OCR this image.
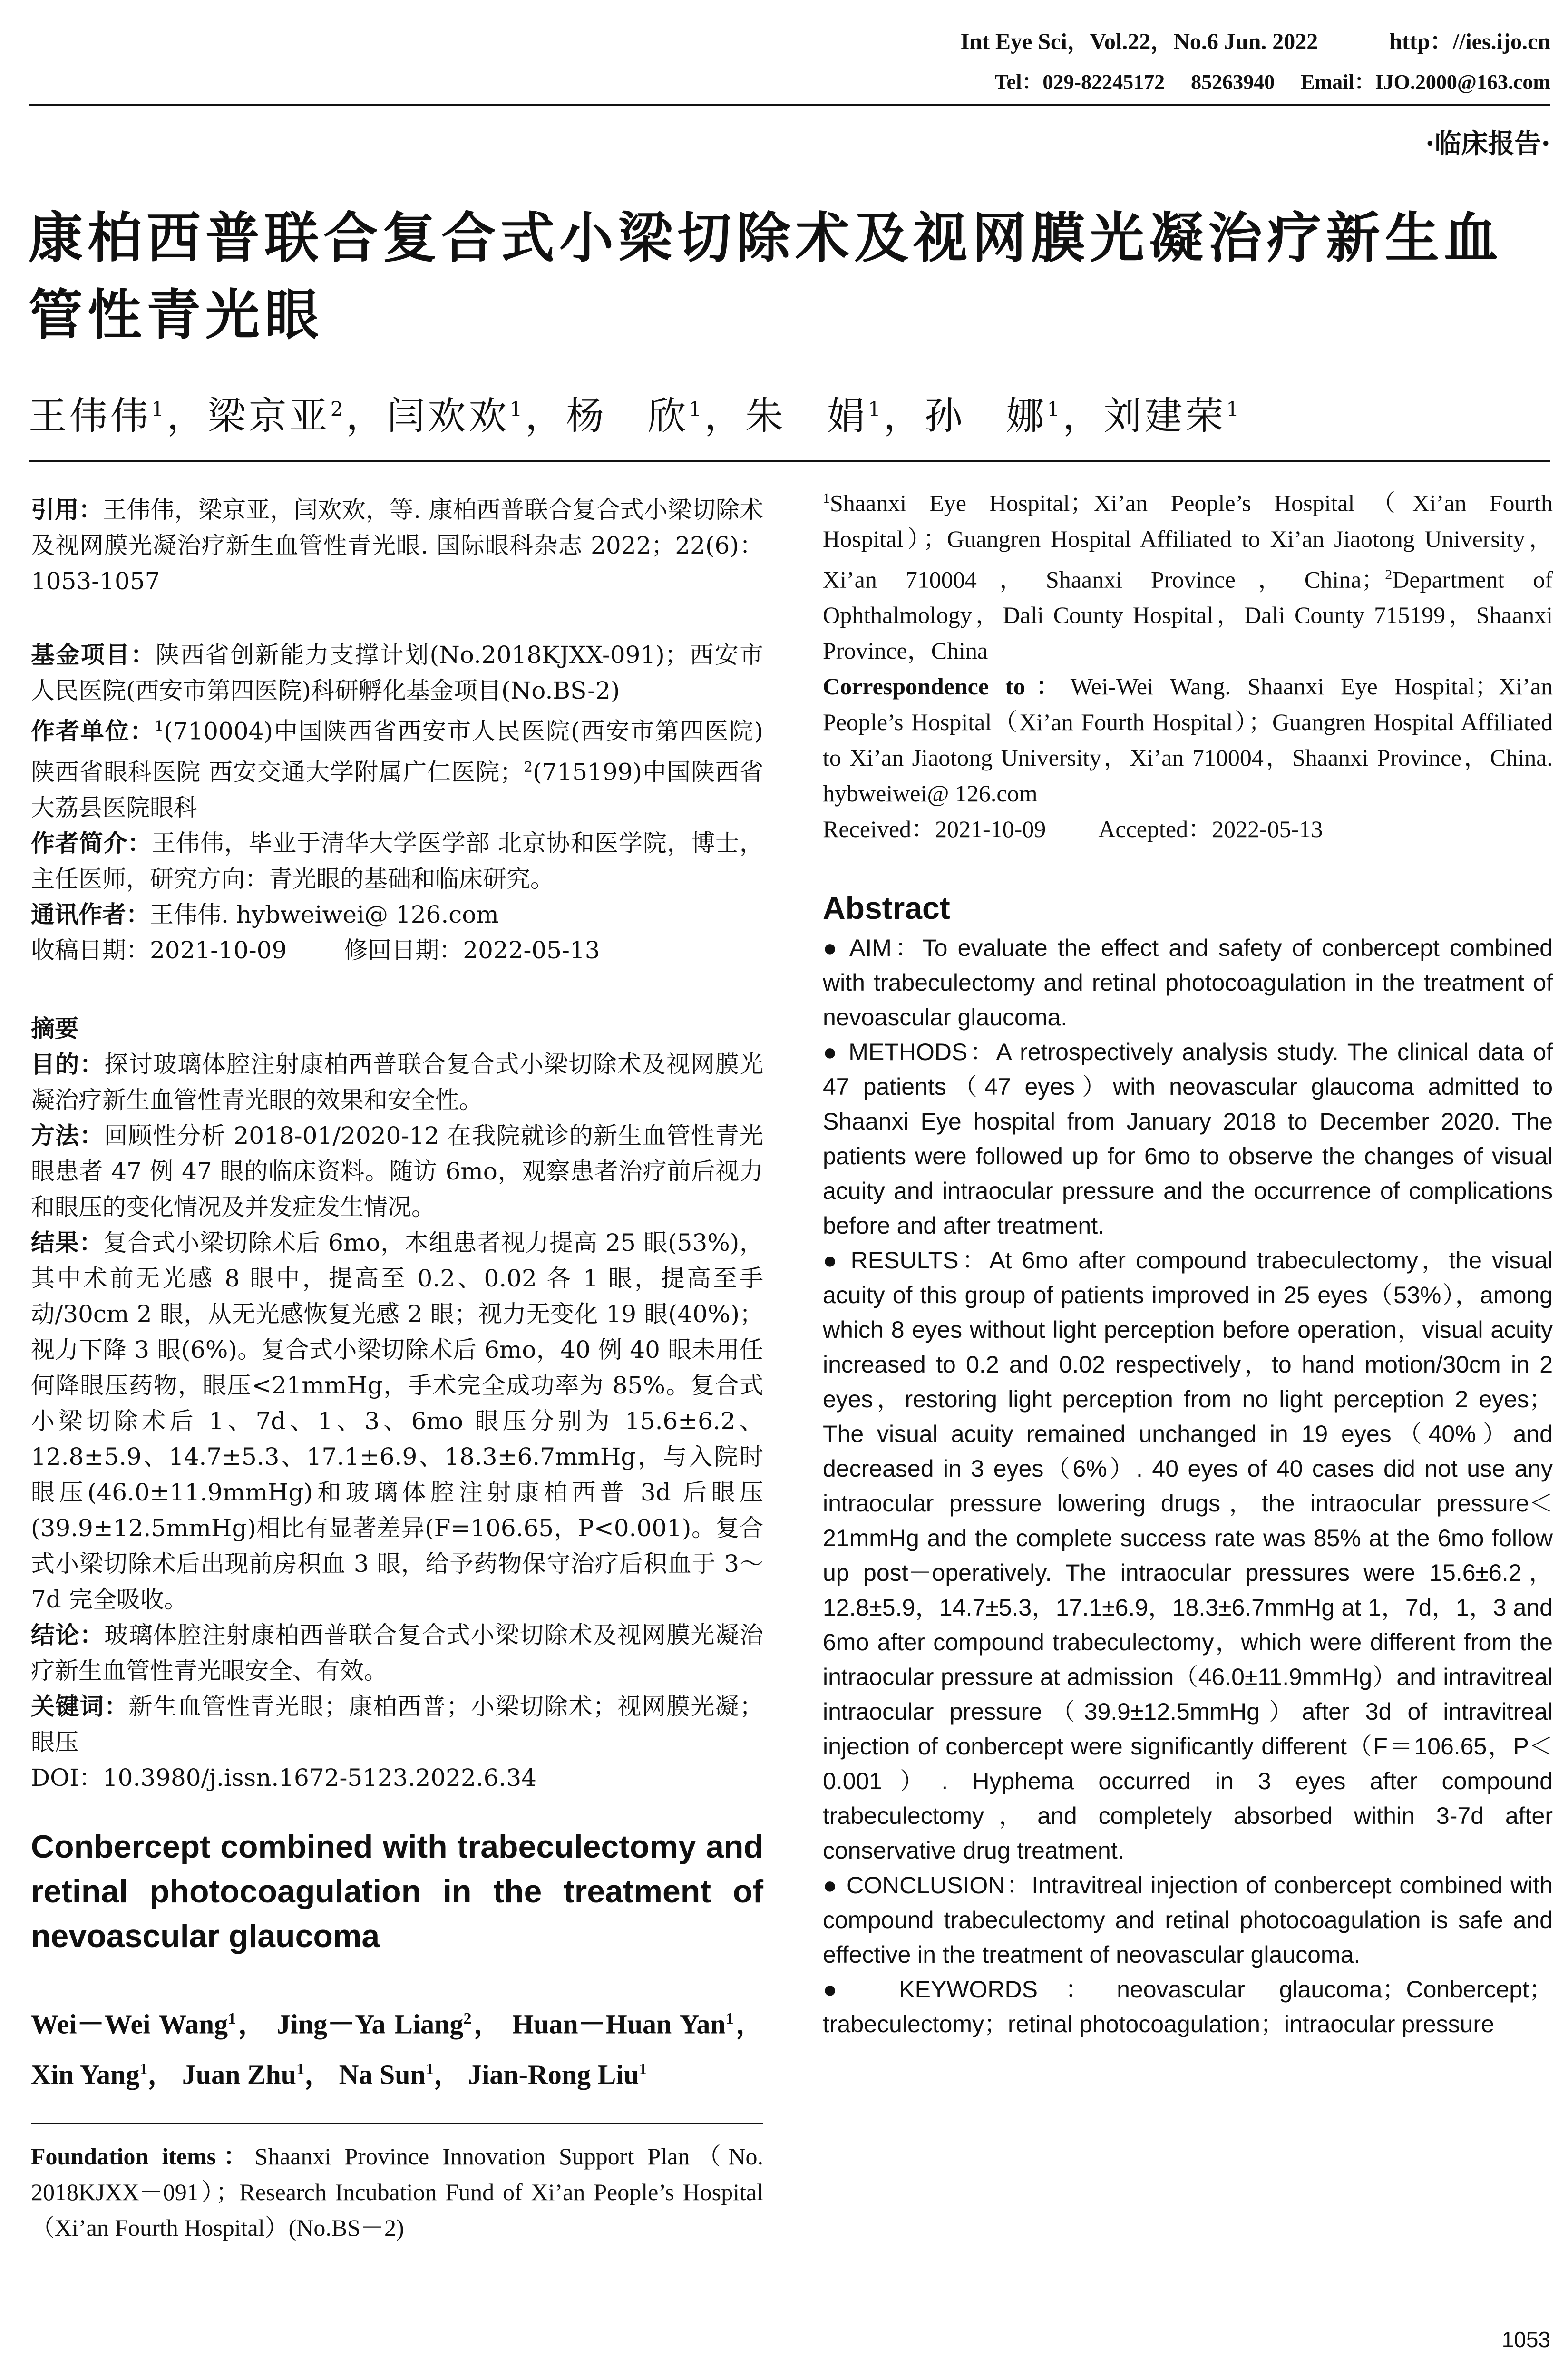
Int Eye Sci，Vol.22，No.6 Jun. 2022	http：//ies.ijo.cn
Tel：029-82245172 85263940 Email：IJO.2000@163.com
·临床报告·
康柏西普联合复合式小梁切除术及视网膜光凝治疗新生血管性青光眼
王伟伟$^1$，梁京亚$^2$，闫欢欢$^1$，杨　欣$^1$，朱　娟$^1$，孙　娜$^1$，刘建荣$^1$

引用：王伟伟，梁京亚，闫欢欢，等. 康柏西普联合复合式小梁切除术及视网膜光凝治疗新生血管性青光眼. 国际眼科杂志 2022；22(6)：1053-1057

基金项目：陕西省创新能力支撑计划(No.2018KJXX-091)；西安市人民医院(西安市第四医院)科研孵化基金项目(No.BS-2)

作者单位：$^1$(710004)中国陕西省西安市人民医院(西安市第四医院) 陕西省眼科医院 西安交通大学附属广仁医院；$^2$(715199)中国陕西省大荔县医院眼科

作者简介：王伟伟，毕业于清华大学医学部 北京协和医学院，博士，主任医师，研究方向：青光眼的基础和临床研究。

通讯作者：王伟伟. hybweiwei@ 126.com

收稿日期：2021-10-09 修回日期：2022-05-13

摘要

目的：探讨玻璃体腔注射康柏西普联合复合式小梁切除术及视网膜光凝治疗新生血管性青光眼的效果和安全性。

方法：回顾性分析 2018-01/2020-12 在我院就诊的新生血管性青光眼患者 47 例 47 眼的临床资料。随访 6mo，观察患者治疗前后视力和眼压的变化情况及并发症发生情况。

结果：复合式小梁切除术后 6mo，本组患者视力提高 25 眼(53%)，其中术前无光感 8 眼中，提高至 0.2、0.02 各 1 眼，提高至手动/30cm 2 眼，从无光感恢复光感 2 眼；视力无变化 19 眼(40%)；视力下降 3 眼(6%)。复合式小梁切除术后 6mo，40 例 40 眼未用任何降眼压药物，眼压<21mmHg，手术完全成功率为 85%。复合式小梁切除术后 1、7d、1、3、6mo 眼压分别为 15.6±6.2、12.8±5.9、14.7±5.3、17.1±6.9、18.3±6.7mmHg，与入院时眼压(46.0±11.9mmHg)和玻璃体腔注射康柏西普 3d 后眼压(39.9±12.5mmHg)相比有显著差异(F=106.65，P<0.001)。复合式小梁切除术后出现前房积血 3 眼，给予药物保守治疗后积血于 3～7d 完全吸收。

结论：玻璃体腔注射康柏西普联合复合式小梁切除术及视网膜光凝治疗新生血管性青光眼安全、有效。

关键词：新生血管性青光眼；康柏西普；小梁切除术；视网膜光凝；眼压

DOI：10.3980/j.issn.1672-5123.2022.6.34

Conbercept combined with trabeculectomy and retinal photocoagulation in the treatment of nevoascular glaucoma

Wei－Wei Wang$^1$， Jing－Ya Liang$^2$， Huan－Huan Yan$^1$， Xin Yang$^1$， Juan Zhu$^1$， Na Sun$^1$， Jian-Rong Liu$^1$

Foundation items：Shaanxi Province Innovation Support Plan（No. 2018KJXX－091）；Research Incubation Fund of Xi’an People’s Hospital（Xi’an Fourth Hospital）(No.BS－2)

$^1$Shaanxi Eye Hospital；Xi’an People’s Hospital（Xi’an Fourth Hospital）；Guangren Hospital Affiliated to Xi’an Jiaotong University，Xi’an 710004，Shaanxi Province，China；$^2$Department of Ophthalmology，Dali County Hospital，Dali County 715199，Shaanxi Province，China

Correspondence to：Wei-Wei Wang. Shaanxi Eye Hospital；Xi’an People’s Hospital（Xi’an Fourth Hospital）；Guangren Hospital Affiliated to Xi’an Jiaotong University，Xi’an 710004，Shaanxi Province，China. hybweiwei@ 126.com

Received：2021-10-09 Accepted：2022-05-13

Abstract

● AIM：To evaluate the effect and safety of conbercept combined with trabeculectomy and retinal photocoagulation in the treatment of nevoascular glaucoma.

● METHODS：A retrospectively analysis study. The clinical data of 47 patients（47 eyes）with neovascular glaucoma admitted to Shaanxi Eye hospital from January 2018 to December 2020. The patients were followed up for 6mo to observe the changes of visual acuity and intraocular pressure and the occurrence of complications before and after treatment.

● RESULTS：At 6mo after compound trabeculectomy，the visual acuity of this group of patients improved in 25 eyes（53%），among which 8 eyes without light perception before operation，visual acuity increased to 0.2 and 0.02 respectively，to hand motion/30cm in 2 eyes，restoring light perception from no light perception 2 eyes；The visual acuity remained unchanged in 19 eyes（40%）and decreased in 3 eyes（6%）. 40 eyes of 40 cases did not use any intraocular pressure lowering drugs，the intraocular pressure＜21mmHg and the complete success rate was 85% at the 6mo follow up post－operatively. The intraocular pressures were 15.6±6.2，12.8±5.9，14.7±5.3，17.1±6.9，18.3±6.7mmHg at 1，7d，1，3 and 6mo after compound trabeculectomy，which were different from the intraocular pressure at admission（46.0±11.9mmHg）and intravitreal intraocular pressure（39.9±12.5mmHg）after 3d of intravitreal injection of conbercept were significantly different（F＝106.65，P＜0.001）. Hyphema occurred in 3 eyes after compound trabeculectomy，and completely absorbed within 3-7d after conservative drug treatment.

● CONCLUSION：Intravitreal injection of conbercept combined with compound trabeculectomy and retinal photocoagulation is safe and effective in the treatment of neovascular glaucoma.

● KEYWORDS：neovascular glaucoma；Conbercept；trabeculectomy；retinal photocoagulation；intraocular pressure

1053
